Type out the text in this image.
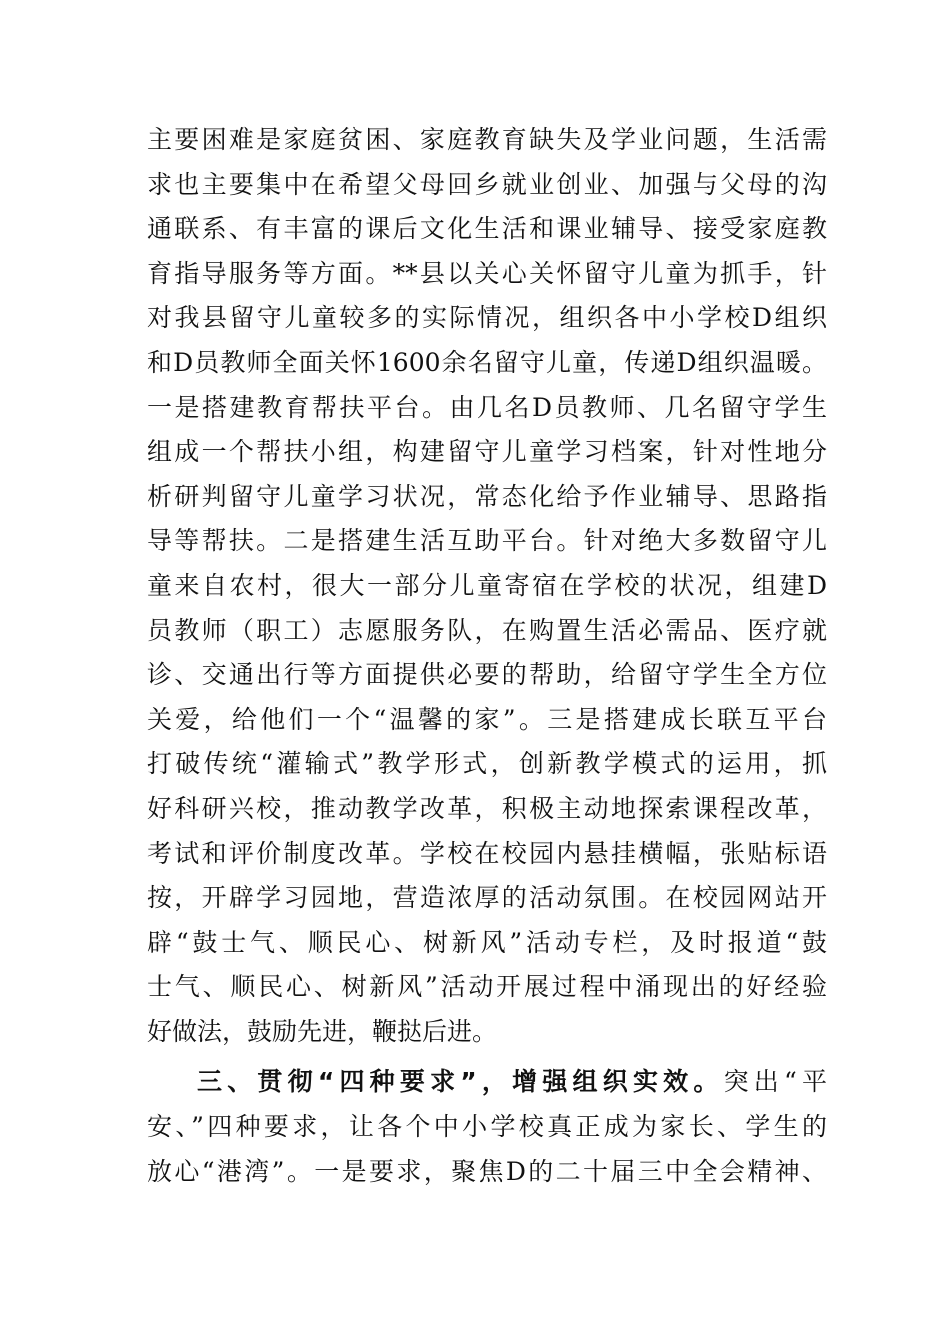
主要困难是家庭贫困、家庭教育缺失及学业问题，生活需
求也主要集中在希望父母回乡就业创业、加强与父母的沟
通联系、有丰富的课后文化生活和课业辅导、接受家庭教
育指导服务等方面。**县以关心关怀留守儿童为抓手，针
对我县留守儿童较多的实际情况，组织各中小学校D组织
和D员教师全面关怀1600余名留守儿童，传递D组织温暖。
一是搭建教育帮扶平台。由几名D员教师、几名留守学生
组成一个帮扶小组，构建留守儿童学习档案，针对性地分
析研判留守儿童学习状况，常态化给予作业辅导、思路指
导等帮扶。二是搭建生活互助平台。针对绝大多数留守儿
童来自农村，很大一部分儿童寄宿在学校的状况，组建D
员教师（职工）志愿服务队，在购置生活必需品、医疗就
诊、交通出行等方面提供必要的帮助，给留守学生全方位
关爱，给他们一个“温馨的家”。三是搭建成长联互平台
打破传统“灌输式”教学形式，创新教学模式的运用，抓
好科研兴校，推动教学改革，积极主动地探索课程改革，
考试和评价制度改革。学校在校园内悬挂横幅，张贴标语
按，开辟学习园地，营造浓厚的活动氛围。在校园网站开
辟“鼓士气、顺民心、树新风”活动专栏，及时报道“鼓
士气、顺民心、树新风”活动开展过程中涌现出的好经验
好做法，鼓励先进，鞭挞后进。
三、贯彻“四种要求”，增强组织实效。突出“平
安、”四种要求，让各个中小学校真正成为家长、学生的
放心“港湾”。一是要求，聚焦D的二十届三中全会精神、
